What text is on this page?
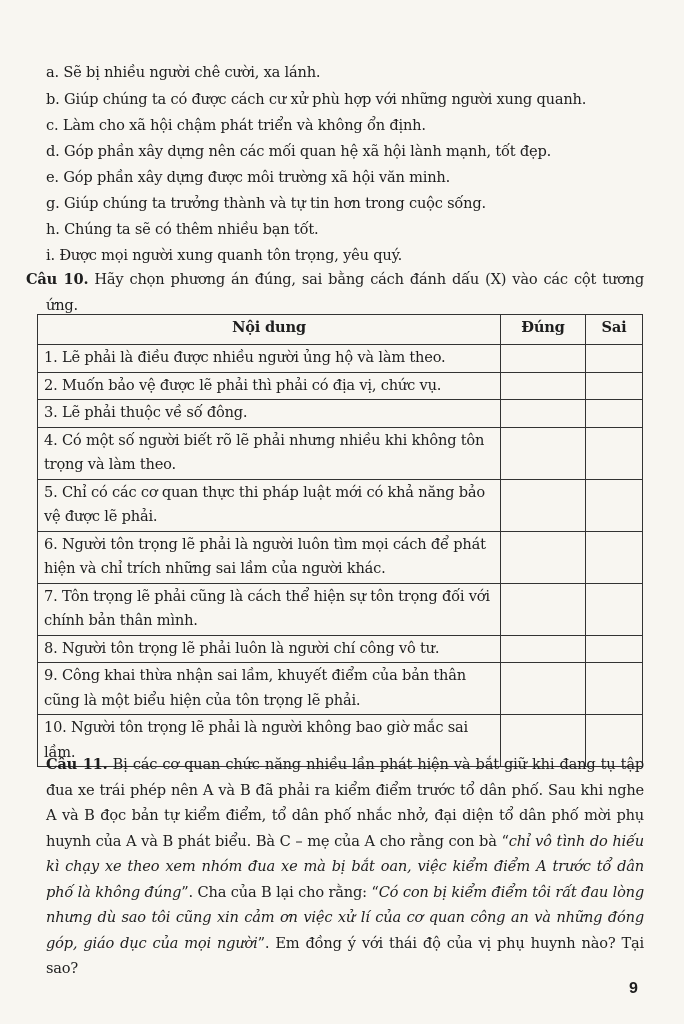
a. Sẽ bị nhiều người chê cười, xa lánh.
b. Giúp chúng ta có được cách cư xử phù hợp với những người xung quanh.
c. Làm cho xã hội chậm phát triển và không ổn định.
d. Góp phần xây dựng nên các mối quan hệ xã hội lành mạnh, tốt đẹp.
e. Góp phần xây dựng được môi trường xã hội văn minh.
g. Giúp chúng ta trưởng thành và tự tin hơn trong cuộc sống.
h. Chúng ta sẽ có thêm nhiều bạn tốt.
i. Được mọi người xung quanh tôn trọng, yêu quý.
Câu 10. Hãy chọn phương án đúng, sai bằng cách đánh dấu (X) vào các cột tương ứng.
Nội dung	Đúng	Sai
1. Lẽ phải là điều được nhiều người ủng hộ và làm theo.		
2. Muốn bảo vệ được lẽ phải thì phải có địa vị, chức vụ.		
3. Lẽ phải thuộc về số đông.		
4. Có một số người biết rõ lẽ phải nhưng nhiều khi không tôn trọng và làm theo.		
5. Chỉ có các cơ quan thực thi pháp luật mới có khả năng bảo vệ được lẽ phải.		
6. Người tôn trọng lẽ phải là người luôn tìm mọi cách để phát hiện và chỉ trích những sai lầm của người khác.		
7. Tôn trọng lẽ phải cũng là cách thể hiện sự tôn trọng đối với chính bản thân mình.		
8. Người tôn trọng lẽ phải luôn là người chí công vô tư.		
9. Công khai thừa nhận sai lầm, khuyết điểm của bản thân cũng là một biểu hiện của tôn trọng lẽ phải.		
10. Người tôn trọng lẽ phải là người không bao giờ mắc sai lầm.		
Câu 11. Bị các cơ quan chức năng nhiều lần phát hiện và bắt giữ khi đang tụ tập đua xe trái phép nên A và B đã phải ra kiểm điểm trước tổ dân phố. Sau khi nghe A và B đọc bản tự kiểm điểm, tổ dân phố nhắc nhở, đại diện tổ dân phố mời phụ huynh của A và B phát biểu. Bà C – mẹ của A cho rằng con bà “chỉ vô tình do hiếu kì chạy xe theo xem nhóm đua xe mà bị bắt oan, việc kiểm điểm A trước tổ dân phố là không đúng”. Cha của B lại cho rằng: “Có con bị kiểm điểm tôi rất đau lòng nhưng dù sao tôi cũng xin cảm ơn việc xử lí của cơ quan công an và những đóng góp, giáo dục của mọi người”. Em đồng ý với thái độ của vị phụ huynh nào? Tại sao?
9
